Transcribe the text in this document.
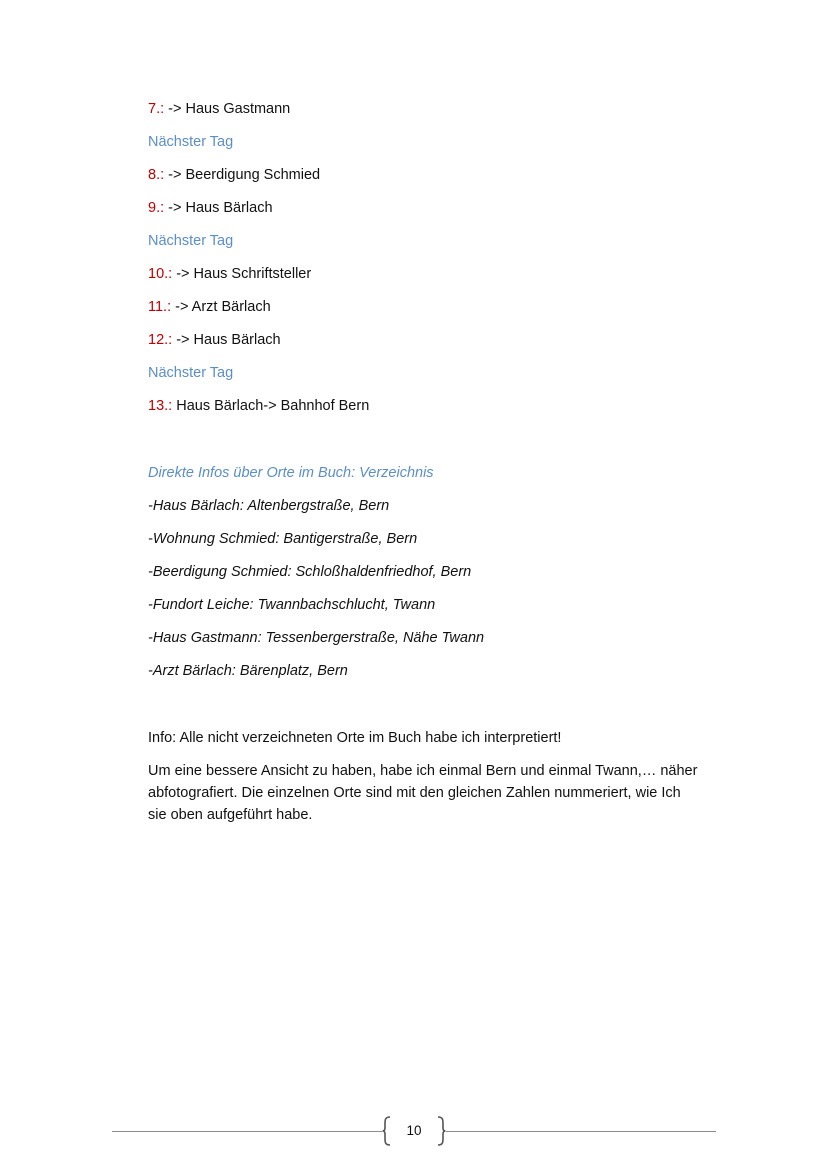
7.: -> Haus Gastmann
Nächster Tag
8.: -> Beerdigung Schmied
9.: -> Haus Bärlach
Nächster Tag
10.: -> Haus Schriftsteller
11.: -> Arzt Bärlach
12.: -> Haus Bärlach
Nächster Tag
13.: Haus Bärlach-> Bahnhof Bern
Direkte Infos über Orte im Buch: Verzeichnis
-Haus Bärlach: Altenbergstraße, Bern
-Wohnung Schmied: Bantigerstraße, Bern
-Beerdigung Schmied: Schloßhaldenfriedhof, Bern
-Fundort Leiche: Twannbachschlucht, Twann
-Haus Gastmann: Tessenbergerstraße, Nähe Twann
-Arzt Bärlach: Bärenplatz, Bern
Info: Alle nicht verzeichneten Orte im Buch habe ich interpretiert!
Um eine bessere Ansicht zu haben, habe ich einmal Bern und einmal Twann,… näher
abfotografiert. Die einzelnen Orte sind mit den gleichen Zahlen nummeriert, wie Ich
sie oben aufgeführt habe.
10
